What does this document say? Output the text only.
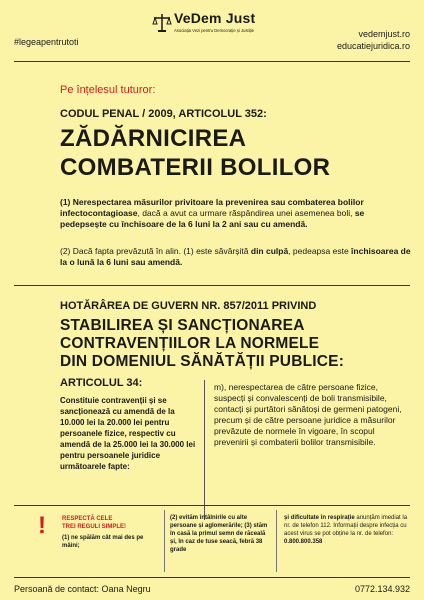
#legeapentrutoti
VeDem Just
Asociația Vezi pentru Democrație și Justiție	vedemjust.ro
educatiejuridica.ro
Pe înțelesul tuturor:
CODUL PENAL / 2009, ARTICOLUL 352:
ZĂDĂRNICIREA
COMBATERII BOLILOR
(1) Nerespectarea măsurilor privitoare la prevenirea sau combaterea bolilor infectocontagioase, dacă a avut ca urmare răspândirea unei asemenea boli, se pedepsește cu închisoare de la 6 luni la 2 ani sau cu amendă.
(2) Dacă fapta prevăzută în alin. (1) este săvârșită din culpă, pedeapsa este închisoarea de la o lună la 6 luni sau amendă.
HOTĂRÂREA DE GUVERN NR. 857/2011 PRIVIND
STABILIREA ȘI SANCȚIONAREA
CONTRAVENȚIILOR LA NORMELE
DIN DOMENIUL SĂNĂTĂȚII PUBLICE:
ARTICOLUL 34:
Constituie contravenții și se sancționează cu amendă de la 10.000 lei la 20.000 lei pentru persoanele fizice, respectiv cu amendă de la 25.000 lei la 30.000 lei pentru persoanele juridice următoarele fapte:
m), nerespectarea de către persoane fizice, suspecți și convalescenți de boli transmisibile, contacți și purtători sănătoși de germeni patogeni, precum și de către persoane juridice a măsurilor prevăzute de normele în vigoare, în scopul prevenirii și combaterii bolilor transmisibile.
!	RESPECTĂ CELE
TREI REGULI SIMPLE!
(1) ne spălăm cât mai des pe mâini;
(2) evităm întâlnirile cu alte persoane și aglomerările; (3) stăm în casă la primul semn de răceală și, în caz de tuse seacă, febră 38 grade
și dificultate în respirație anunțăm imediat la nr. de telefon 112. Informații despre infecția cu acest virus se pot obține la nr. de telefon: 0.800.800.358
Persoană de contact: Oana Negru	0772.134.932
